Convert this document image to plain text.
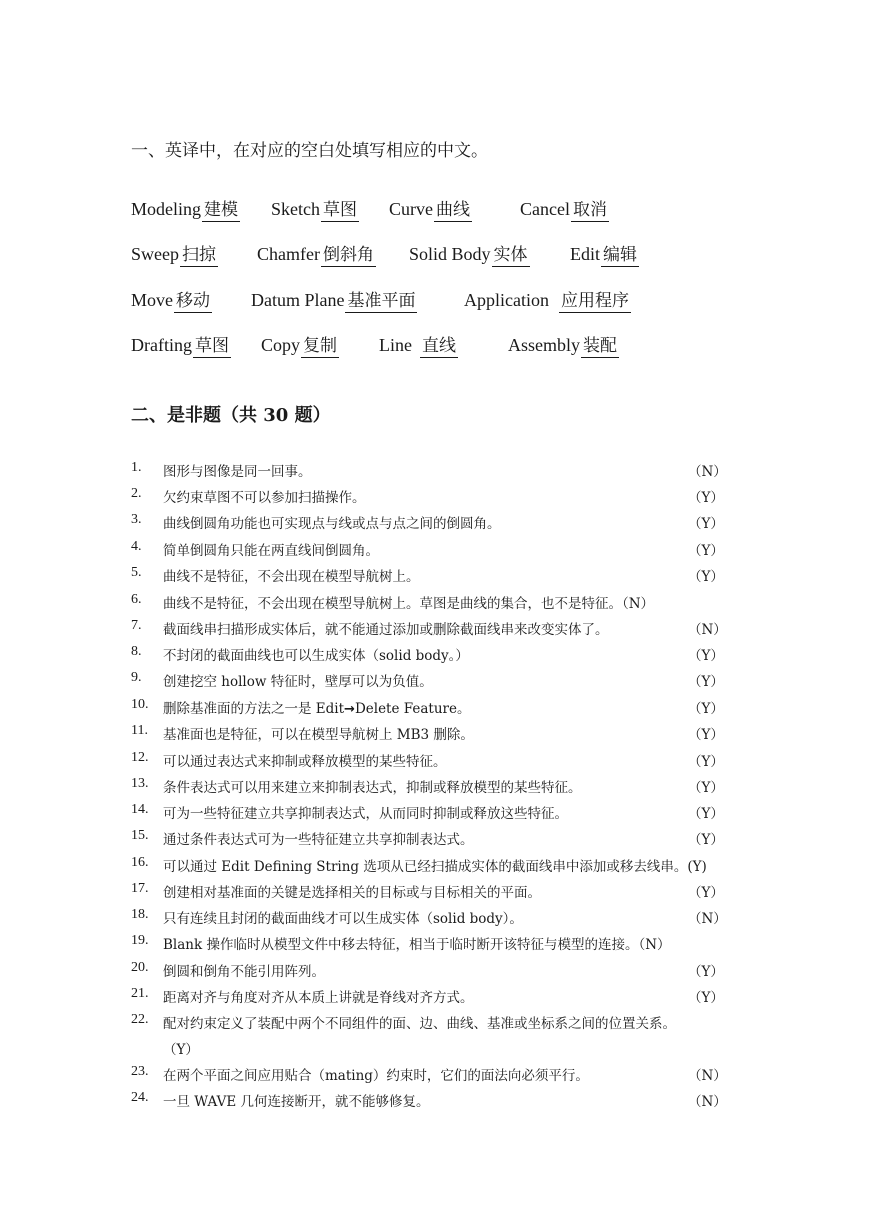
一、英译中，在对应的空白处填写相应的中文。
Modeling 建模 Sketch 草图 Curve 曲线	Cancel 取消
Sweep 扫掠 Chamfer 倒斜角 Solid Body 实体 Edit 编辑
Move 移动 Datum Plane 基准平面	Application 应用程序
Drafting 草图 Copy 复制 Line 直线	Assembly 装配
二、是非题（共 30 题）
1. 图形与图像是同一回事。	（N）
2. 欠约束草图不可以参加扫描操作。	（Y）
3. 曲线倒圆角功能也可实现点与线或点与点之间的倒圆角。	（Y）
4. 简单倒圆角只能在两直线间倒圆角。	（Y）
5. 曲线不是特征，不会出现在模型导航树上。	（Y）
6. 曲线不是特征，不会出现在模型导航树上。草图是曲线的集合，也不是特征。（N）
7. 截面线串扫描形成实体后，就不能通过添加或删除截面线串来改变实体了。	（N）
8. 不封闭的截面曲线也可以生成实体（solid body。）	（Y）
9. 创建挖空 hollow 特征时，壁厚可以为负值。	（Y）
10. 删除基准面的方法之一是 Edit→Delete Feature。	（Y）
11. 基准面也是特征，可以在模型导航树上 MB3 删除。	（Y）
12. 可以通过表达式来抑制或释放模型的某些特征。	（Y）
13. 条件表达式可以用来建立来抑制表达式，抑制或释放模型的某些特征。	（Y）
14. 可为一些特征建立共享抑制表达式，从而同时抑制或释放这些特征。	（Y）
15. 通过条件表达式可为一些特征建立共享抑制表达式。	（Y）
16. 可以通过 Edit Defining String 选项从已经扫描成实体的截面线串中添加或移去线串。(Y)
17. 创建相对基准面的关键是选择相关的目标或与目标相关的平面。	（Y）
18. 只有连续且封闭的截面曲线才可以生成实体（solid body）。	（N）
19. Blank 操作临时从模型文件中移去特征，相当于临时断开该特征与模型的连接。（N）
20. 倒圆和倒角不能引用阵列。	（Y）
21. 距离对齐与角度对齐从本质上讲就是脊线对齐方式。	（Y）
22. 配对约束定义了装配中两个不同组件的面、边、曲线、基准或坐标系之间的位置关系。
（Y）
23. 在两个平面之间应用贴合（mating）约束时，它们的面法向必须平行。	（N）
24. 一旦 WAVE 几何连接断开，就不能够修复。	（N）
